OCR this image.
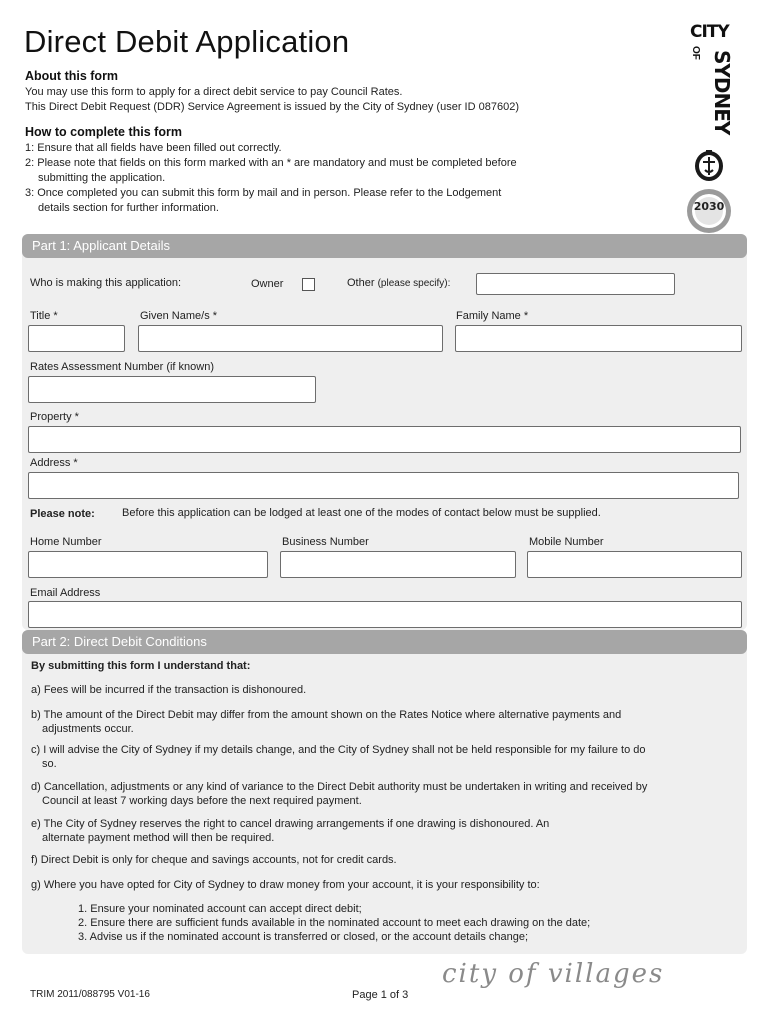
Direct Debit Application
About this form
You may use this form to apply for a direct debit service to pay Council Rates.
This Direct Debit Request (DDR) Service Agreement is issued by the City of Sydney (user ID 087602)
How to complete this form
1: Ensure that all fields have been filled out correctly.
2: Please note that fields on this form marked with an * are mandatory and must be completed before
submitting the application.
3: Once completed you can submit this form by mail and in person. Please refer to the Lodgement
details section for further information.
CITY
OF SYDNEY
2030
Part 1: Applicant Details
Who is making this application:	Owner	Other (please specify):
Title *	Given Name/s *	Family Name *
Rates Assessment Number (if known)
Property *
Address *
Please note: Before this application can be lodged at least one of the modes of contact below must be supplied.
Home Number	Business Number	Mobile Number
Email Address
Part 2: Direct Debit Conditions
By submitting this form I understand that:
a) Fees will be incurred if the transaction is dishonoured.
b) The amount of the Direct Debit may differ from the amount shown on the Rates Notice where alternative payments and
adjustments occur.
c) I will advise the City of Sydney if my details change, and the City of Sydney shall not be held responsible for my failure to do
so.
d) Cancellation, adjustments or any kind of variance to the Direct Debit authority must be undertaken in writing and received by
Council at least 7 working days before the next required payment.
e) The City of Sydney reserves the right to cancel drawing arrangements if one drawing is dishonoured. An
alternate payment method will then be required.
f) Direct Debit is only for cheque and savings accounts, not for credit cards.
g) Where you have opted for City of Sydney to draw money from your account, it is your responsibility to:
1. Ensure your nominated account can accept direct debit;
2. Ensure there are sufficient funds available in the nominated account to meet each drawing on the date;
3. Advise us if the nominated account is transferred or closed, or the account details change;
city of villages
TRIM 2011/088795 V01-16	Page 1 of 3
